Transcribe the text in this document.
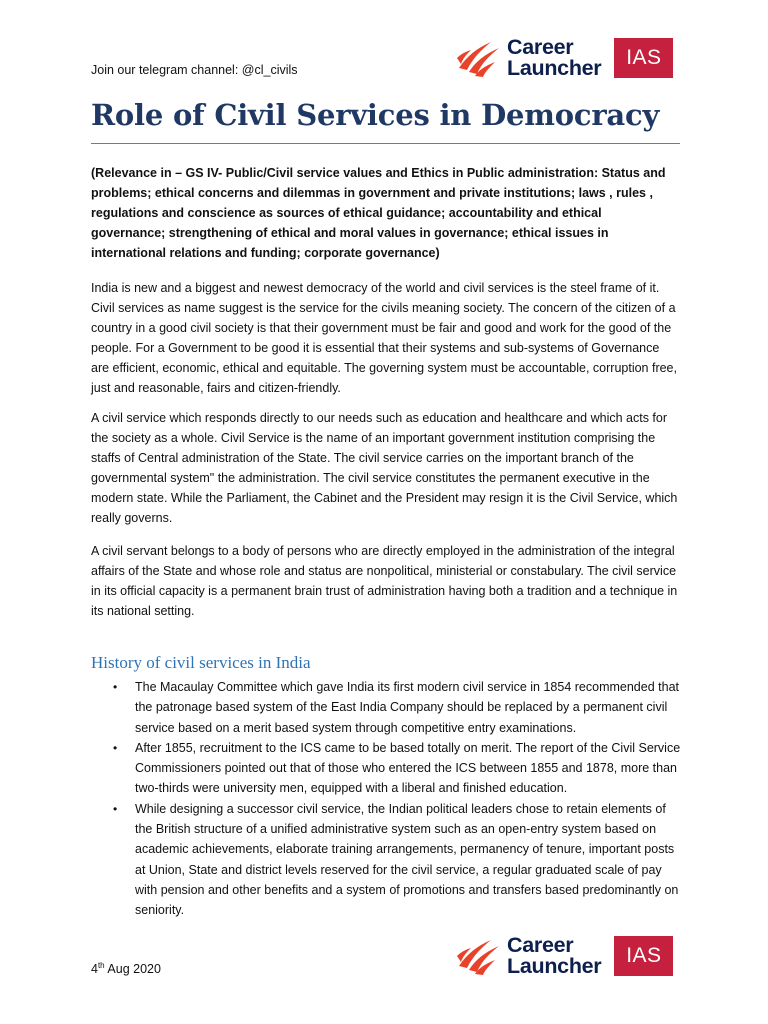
Join our telegram channel: @cl_civils
Career
Launcher	IAS
Role of Civil Services in Democracy
(Relevance in – GS IV- Public/Civil service values and Ethics in Public administration: Status and problems; ethical concerns and dilemmas in government and private institutions; laws , rules , regulations and conscience as sources of ethical guidance; accountability and ethical governance; strengthening of ethical and moral values in governance; ethical issues in international relations and funding; corporate governance)
India is new and a biggest and newest democracy of the world and civil services is the steel frame of it. Civil services as name suggest is the service for the civils meaning society. The concern of the citizen of a country in a good civil society is that their government must be fair and good and work for the good of the people. For a Government to be good it is essential that their systems and sub-systems of Governance are efficient, economic, ethical and equitable. The governing system must be accountable, corruption free, just and reasonable, fairs and citizen-friendly.
A civil service which responds directly to our needs such as education and healthcare and which acts for the society as a whole. Civil Service is the name of an important government institution comprising the staffs of Central administration of the State. The civil service carries on the important branch of the governmental system" the administration. The civil service constitutes the permanent executive in the modern state. While the Parliament, the Cabinet and the President may resign it is the Civil Service, which really governs.
A civil servant belongs to a body of persons who are directly employed in the administration of the integral affairs of the State and whose role and status are nonpolitical, ministerial or constabulary. The civil service in its official capacity is a permanent brain trust of administration having both a tradition and a technique in its national setting.
History of civil services in India
• The Macaulay Committee which gave India its first modern civil service in 1854 recommended that the patronage based system of the East India Company should be replaced by a permanent civil service based on a merit based system through competitive entry examinations.
• After 1855, recruitment to the ICS came to be based totally on merit. The report of the Civil Service Commissioners pointed out that of those who entered the ICS between 1855 and 1878, more than two-thirds were university men, equipped with a liberal and finished education.
• While designing a successor civil service, the Indian political leaders chose to retain elements of the British structure of a unified administrative system such as an open-entry system based on academic achievements, elaborate training arrangements, permanency of tenure, important posts at Union, State and district levels reserved for the civil service, a regular graduated scale of pay with pension and other benefits and a system of promotions and transfers based predominantly on seniority.
4th Aug 2020
Career
Launcher	IAS
